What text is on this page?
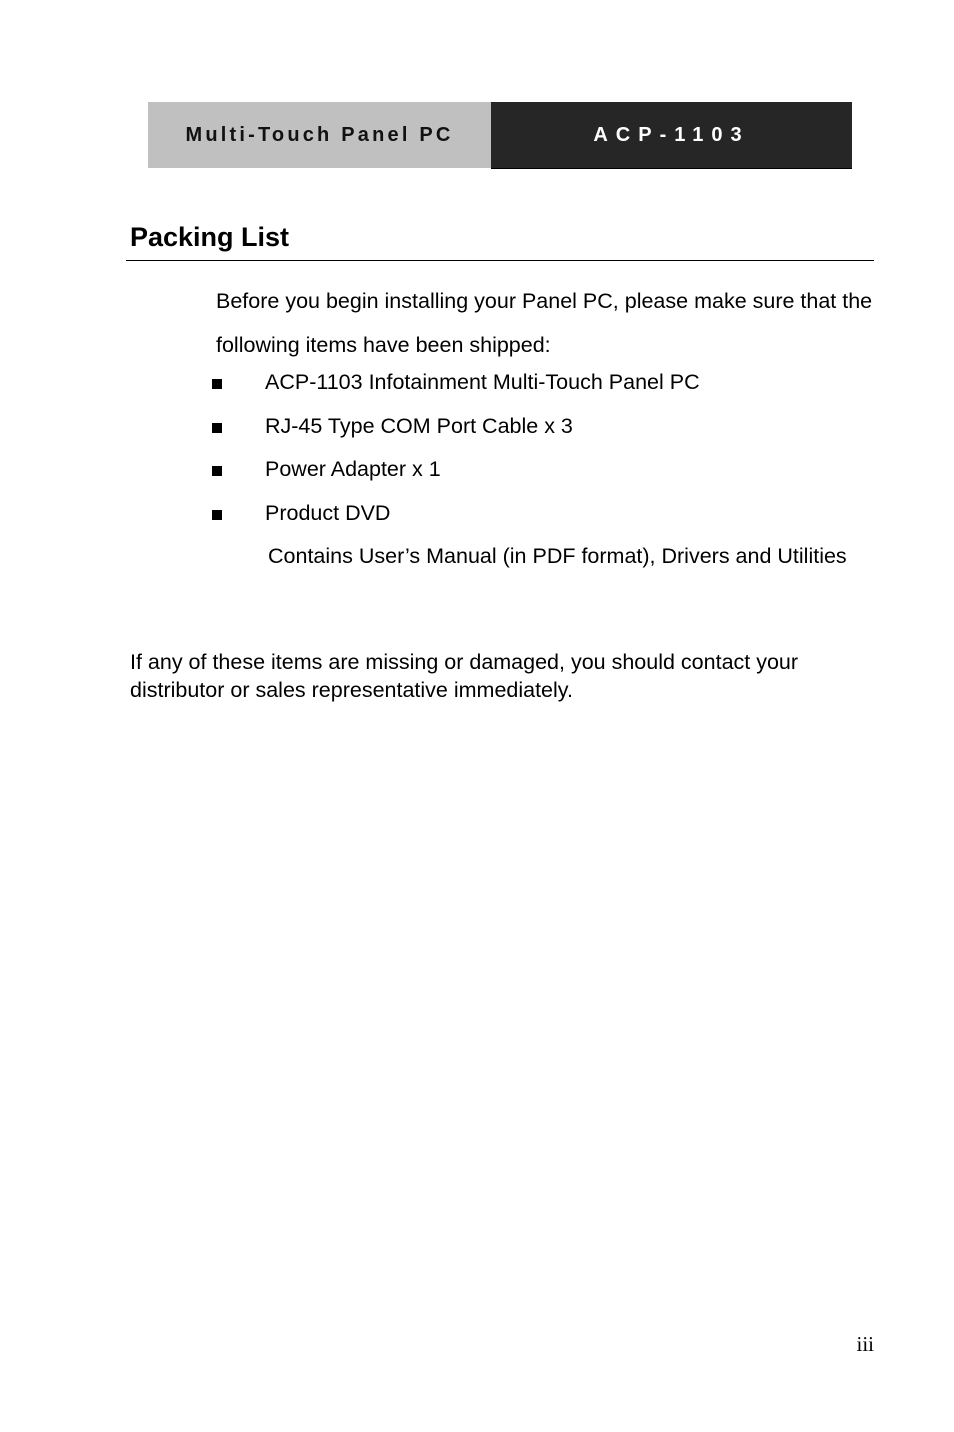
Multi-Touch Panel PC	ACP-1103
Packing List

Before you begin installing your Panel PC, please make sure that the following items have been shipped:

ACP-1103 Infotainment Multi-Touch Panel PC
RJ-45 Type COM Port Cable x 3
Power Adapter x 1
Product DVD

Contains User’s Manual (in PDF format), Drivers and Utilities

If any of these items are missing or damaged, you should contact your distributor or sales representative immediately.

iii
